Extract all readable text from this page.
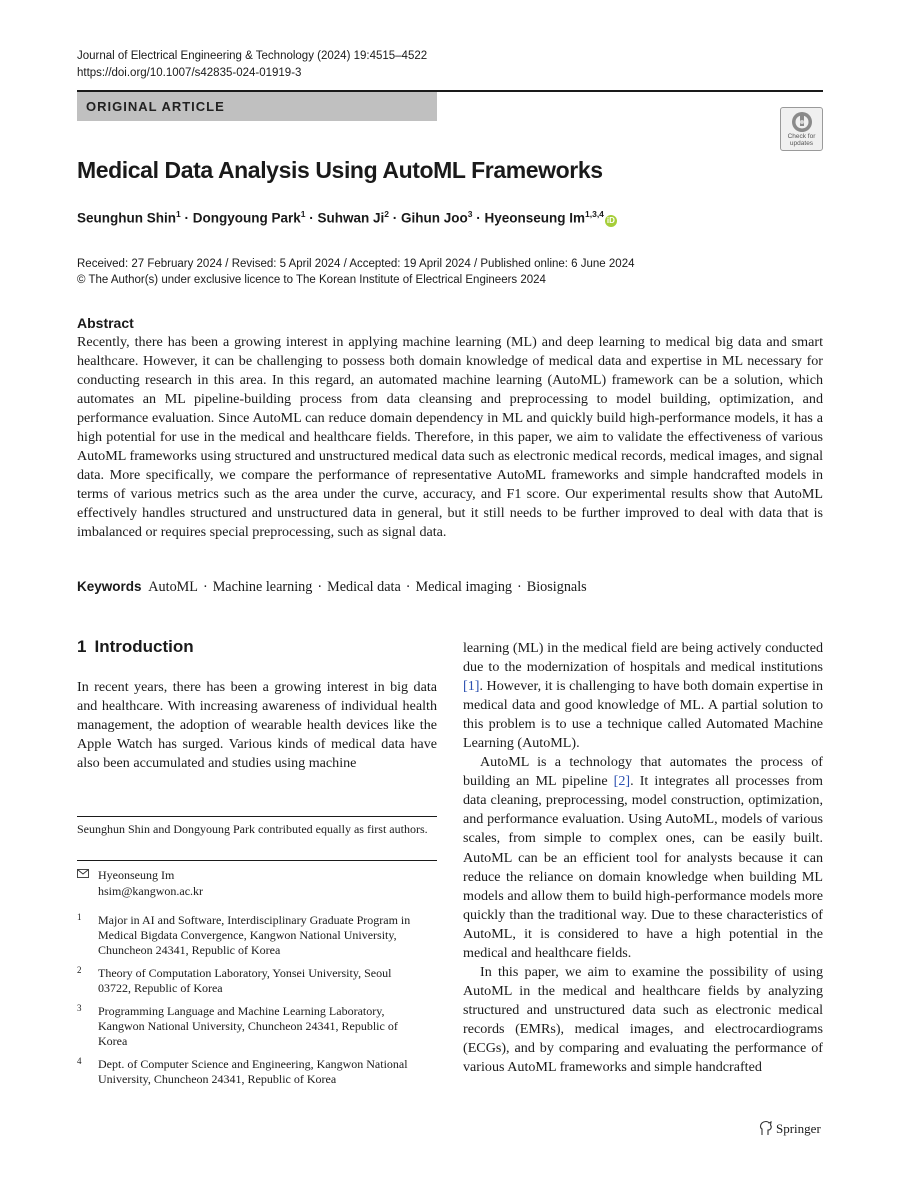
Journal of Electrical Engineering & Technology (2024) 19:4515–4522
https://doi.org/10.1007/s42835-024-01919-3
ORIGINAL ARTICLE
Check for
updates
Medical Data Analysis Using AutoML Frameworks
Seunghun Shin$^1$ · Dongyoung Park$^1$ · Suhwan $Ji^2$ · Gihun Joo$^3$ · Hyeonseung Im$^{1,3,4}$iD
Received: 27 February 2024 / Revised: 5 April 2024 / Accepted: 19 April 2024 / Published online: 6 June 2024
© The Author(s) under exclusive licence to The Korean Institute of Electrical Engineers 2024
Abstract
Recently, there has been a growing interest in applying machine learning (ML) and deep learning to medical big data and smart healthcare. However, it can be challenging to possess both domain knowledge of medical data and expertise in ML necessary for conducting research in this area. In this regard, an automated machine learning (AutoML) framework can be a solution, which automates an ML pipeline-building process from data cleansing and preprocessing to model building, optimization, and performance evaluation. Since AutoML can reduce domain dependency in ML and quickly build high-performance models, it has a high potential for use in the medical and healthcare fields. Therefore, in this paper, we aim to validate the effectiveness of various AutoML frameworks using structured and unstructured medical data such as electronic medical records, medical images, and signal data. More specifically, we compare the performance of representative AutoML frameworks and simple handcrafted models in terms of various metrics such as the area under the curve, accuracy, and F1 score. Our experimental results show that AutoML effectively handles structured and unstructured data in general, but it still needs to be further improved to deal with data that is imbalanced or requires special preprocessing, such as signal data.
Keywords AutoML · Machine learning · Medical data · Medical imaging · Biosignals
1 Introduction

In recent years, there has been a growing interest in big data and healthcare. With increasing awareness of individual health management, the adoption of wearable health devices like the Apple Watch has surged. Various kinds of medical data have also been accumulated and studies using machine

learning (ML) in the medical field are being actively conducted due to the modernization of hospitals and medical institutions [1]. However, it is challenging to have both domain expertise in medical data and good knowledge of ML. A partial solution to this problem is to use a technique called Automated Machine Learning (AutoML).

AutoML is a technology that automates the process of building an ML pipeline [2]. It integrates all processes from data cleaning, preprocessing, model construction, optimization, and performance evaluation. Using AutoML, models of various scales, from simple to complex ones, can be easily built. AutoML can be an efficient tool for analysts because it can reduce the reliance on domain knowledge when building ML models and allow them to build high-performance models more quickly than the traditional way. Due to these characteristics of AutoML, it is considered to have a high potential in the medical and healthcare fields.

In this paper, we aim to examine the possibility of using AutoML in the medical and healthcare fields by analyzing structured and unstructured data such as electronic medical records (EMRs), medical images, and electrocardiograms (ECGs), and by comparing and evaluating the performance of various AutoML frameworks and simple handcrafted

Seunghun Shin and Dongyoung Park contributed equally as first authors.
Hyeonseung Im
hsim@kangwon.ac.kr
1 Major in AI and Software, Interdisciplinary Graduate Program in Medical Bigdata Convergence, Kangwon National University, Chuncheon 24341, Republic of Korea
2 Theory of Computation Laboratory, Yonsei University, Seoul 03722, Republic of Korea
3 Programming Language and Machine Learning Laboratory, Kangwon National University, Chuncheon 24341, Republic of Korea
4 Dept. of Computer Science and Engineering, Kangwon National University, Chuncheon 24341, Republic of Korea
Springer
